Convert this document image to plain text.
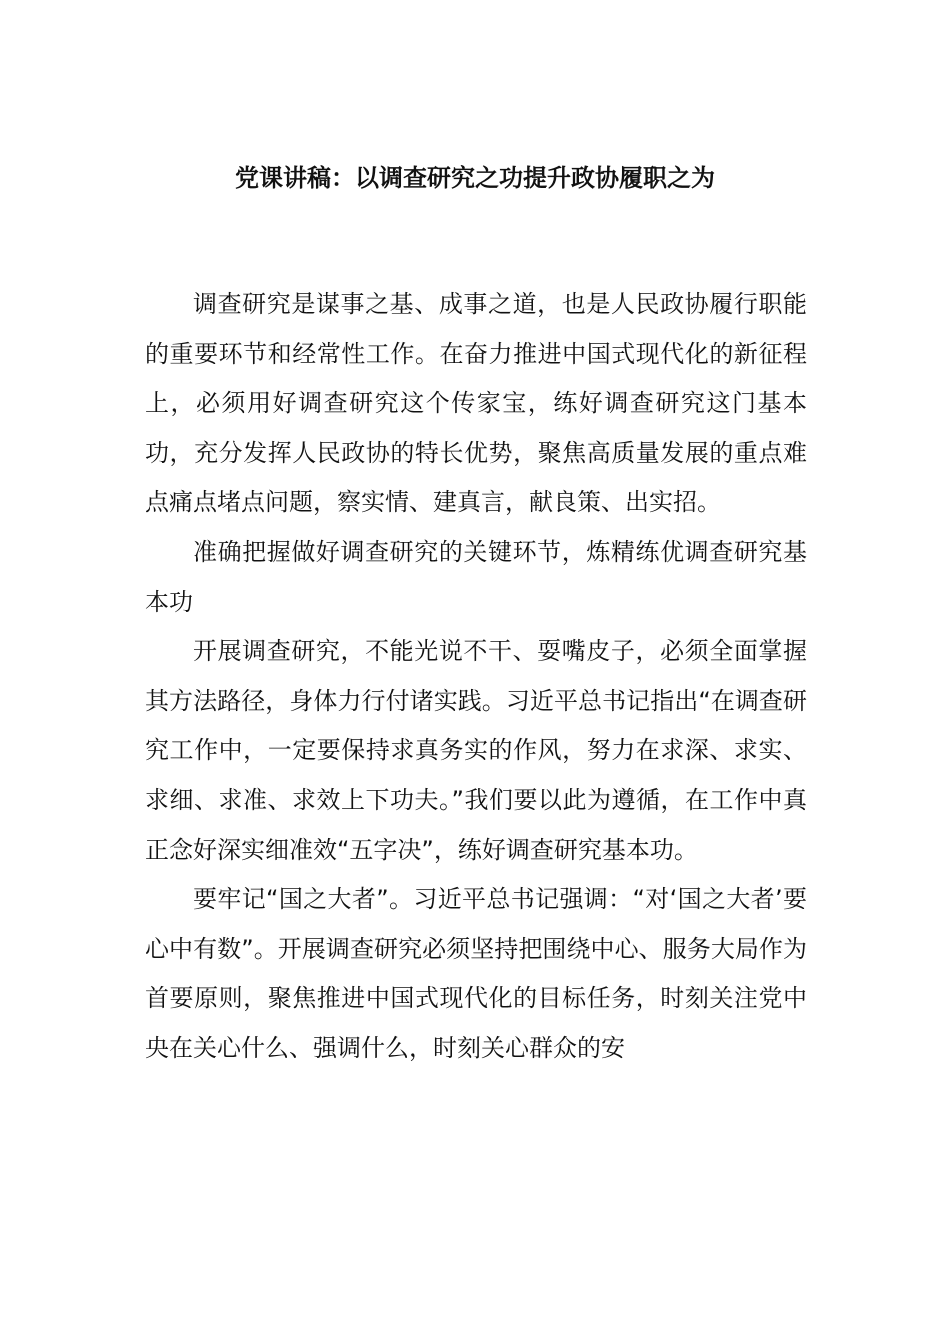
党课讲稿：以调查研究之功提升政协履职之为

调查研究是谋事之基、成事之道，也是人民政协履行职能的重要环节和经常性工作。在奋力推进中国式现代化的新征程上，必须用好调查研究这个传家宝，练好调查研究这门基本功，充分发挥人民政协的特长优势，聚焦高质量发展的重点难点痛点堵点问题，察实情、建真言，献良策、出实招。

准确把握做好调查研究的关键环节，炼精练优调查研究基本功

开展调查研究，不能光说不干、耍嘴皮子，必须全面掌握其方法路径，身体力行付诸实践。习近平总书记指出“在调查研究工作中，一定要保持求真务实的作风，努力在求深、求实、求细、求准、求效上下功夫。”我们要以此为遵循，在工作中真正念好深实细准效“五字决”，练好调查研究基本功。

要牢记“国之大者”。习近平总书记强调：“对‘国之大者’要心中有数”。开展调查研究必须坚持把围绕中心、服务大局作为首要原则，聚焦推进中国式现代化的目标任务，时刻关注党中央在关心什么、强调什么，时刻关心群众的安
